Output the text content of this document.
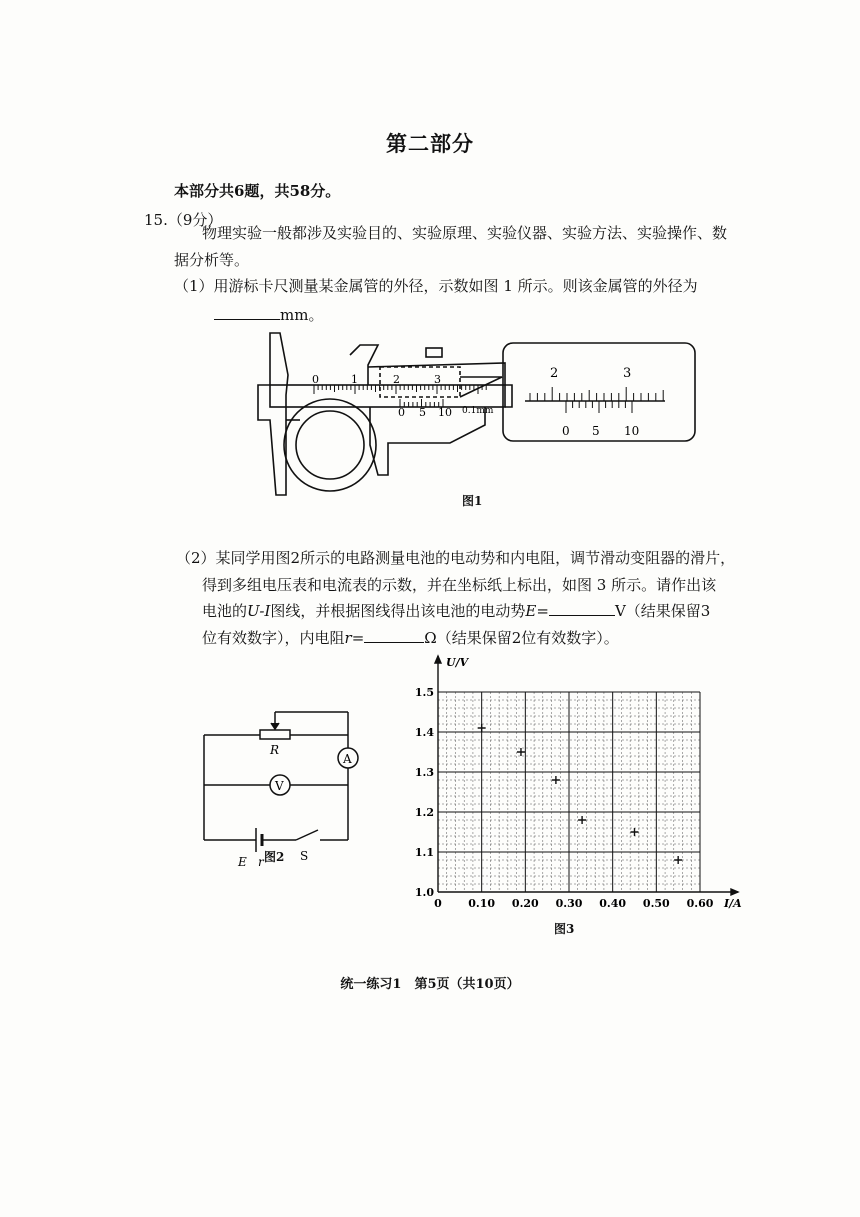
第二部分
本部分共6题，共58分。
15.（9分）
物理实验一般都涉及实验目的、实验原理、实验仪器、实验方法、实验操作、数
据分析等。
（1）用游标卡尺测量某金属管的外径，示数如图 1 所示。则该金属管的外径为
mm。
0	1	2	3
0 5 10 0.1mm
2	3
0 5 10
图1
（2）某同学用图2所示的电路测量电池的电动势和内电阻，调节滑动变阻器的滑片，
得到多组电压表和电流表的示数，并在坐标纸上标出，如图 3 所示。请作出该
电池的U-I图线，并根据图线得出该电池的电动势E=	V（结果保留3
位有效数字），内电阻r=	Ω（结果保留2位有效数字）。
R
A
V
E r	S
图2
0 0.10 0.20 0.30 0.40 0.50 0.60
1.0
1.1
1.2
1.3
1.4
1.5
U/V
I/A
图3
统一练习1　第5页（共10页）
